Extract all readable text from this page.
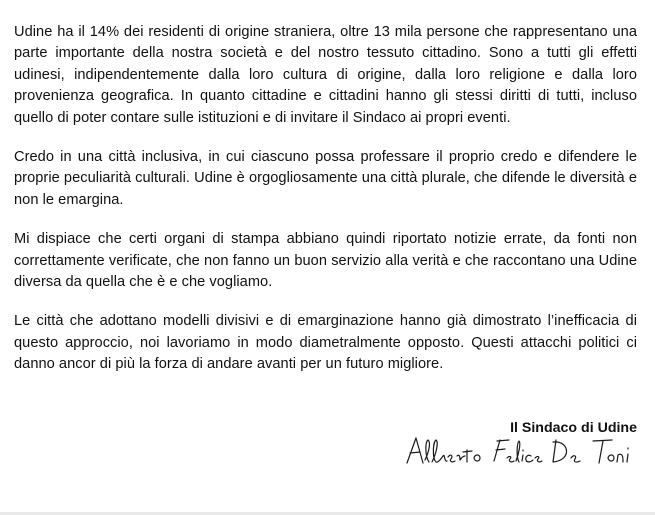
Udine ha il 14% dei residenti di origine straniera, oltre 13 mila persone che rappresentano una parte importante della nostra società e del nostro tessuto cittadino. Sono a tutti gli effetti udinesi, indipendentemente dalla loro cultura di origine, dalla loro religione e dalla loro provenienza geografica. In quanto cittadine e cittadini hanno gli stessi diritti di tutti, incluso quello di poter contare sulle istituzioni e di invitare il Sindaco ai propri eventi.

Credo in una città inclusiva, in cui ciascuno possa professare il proprio credo e difendere le proprie peculiarità culturali. Udine è orgogliosamente una città plurale, che difende le diversità e non le emargina.

Mi dispiace che certi organi di stampa abbiano quindi riportato notizie errate, da fonti non correttamente verificate, che non fanno un buon servizio alla verità e che raccontano una Udine diversa da quella che è e che vogliamo.

Le città che adottano modelli divisivi e di emarginazione hanno già dimostrato l’inefficacia di questo approccio, noi lavoriamo in modo diametralmente opposto. Questi attacchi politici ci danno ancor di più la forza di andare avanti per un futuro migliore.

Il Sindaco di Udine
